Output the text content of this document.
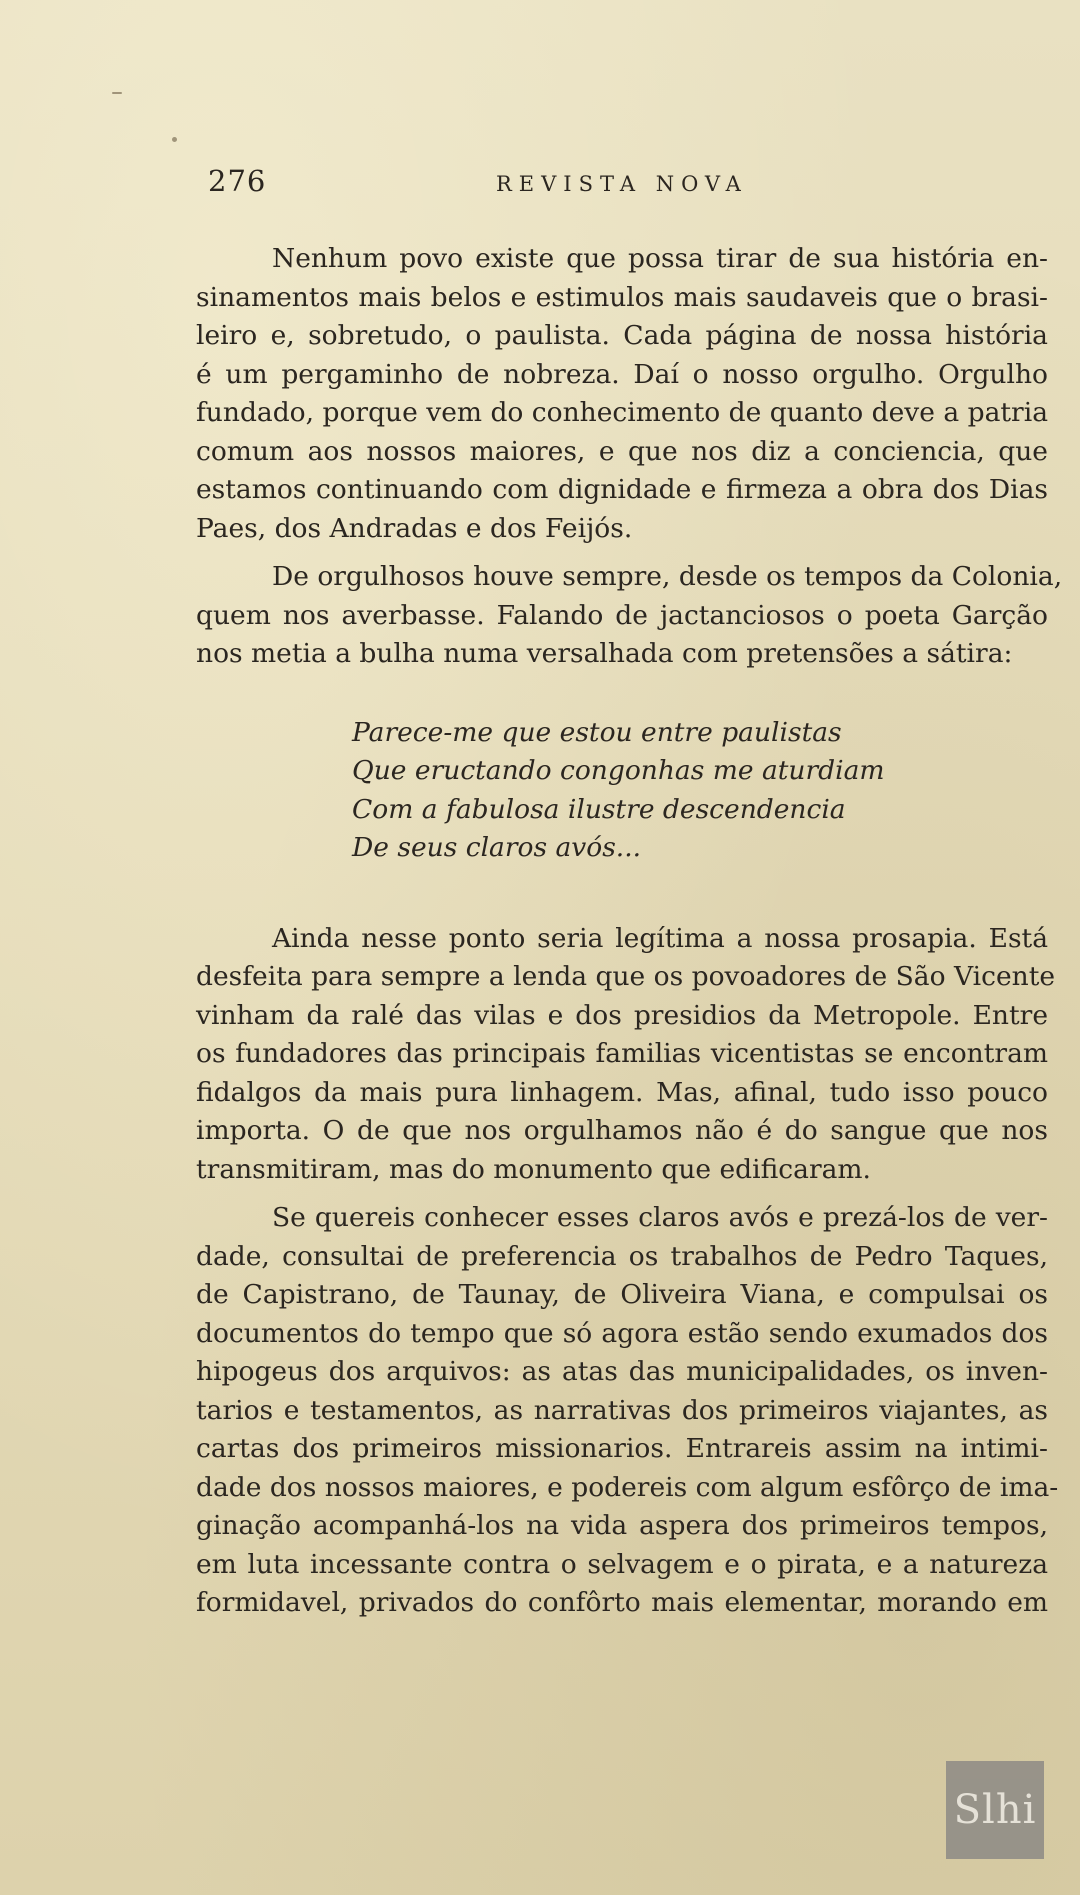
276	REVISTA NOVA

Nenhum povo existe que possa tirar de sua história en-
sinamentos mais belos e estimulos mais saudaveis que o brasi-
leiro e, sobretudo, o paulista. Cada página de nossa história
é um pergaminho de nobreza. Daí o nosso orgulho. Orgulho
fundado, porque vem do conhecimento de quanto deve a patria
comum aos nossos maiores, e que nos diz a conciencia, que
estamos continuando com dignidade e firmeza a obra dos Dias
Paes, dos Andradas e dos Feijós.

De orgulhosos houve sempre, desde os tempos da Colonia,
quem nos averbasse. Falando de jactanciosos o poeta Garção
nos metia a bulha numa versalhada com pretensões a sátira:

Parece-me que estou entre paulistas
Que eructando congonhas me aturdiam
Com a fabulosa ilustre descendencia
De seus claros avós...

Ainda nesse ponto seria legítima a nossa prosapia. Está
desfeita para sempre a lenda que os povoadores de São Vicente
vinham da ralé das vilas e dos presidios da Metropole. Entre
os fundadores das principais familias vicentistas se encontram
fidalgos da mais pura linhagem. Mas, afinal, tudo isso pouco
importa. O de que nos orgulhamos não é do sangue que nos
transmitiram, mas do monumento que edificaram.

Se quereis conhecer esses claros avós e prezá-los de ver-
dade, consultai de preferencia os trabalhos de Pedro Taques,
de Capistrano, de Taunay, de Oliveira Viana, e compulsai os
documentos do tempo que só agora estão sendo exumados dos
hipogeus dos arquivos: as atas das municipalidades, os inven-
tarios e testamentos, as narrativas dos primeiros viajantes, as
cartas dos primeiros missionarios. Entrareis assim na intimi-
dade dos nossos maiores, e podereis com algum esfôrço de ima-
ginação acompanhá-los na vida aspera dos primeiros tempos,
em luta incessante contra o selvagem e o pirata, e a natureza
formidavel, privados do confôrto mais elementar, morando em

Slhi
